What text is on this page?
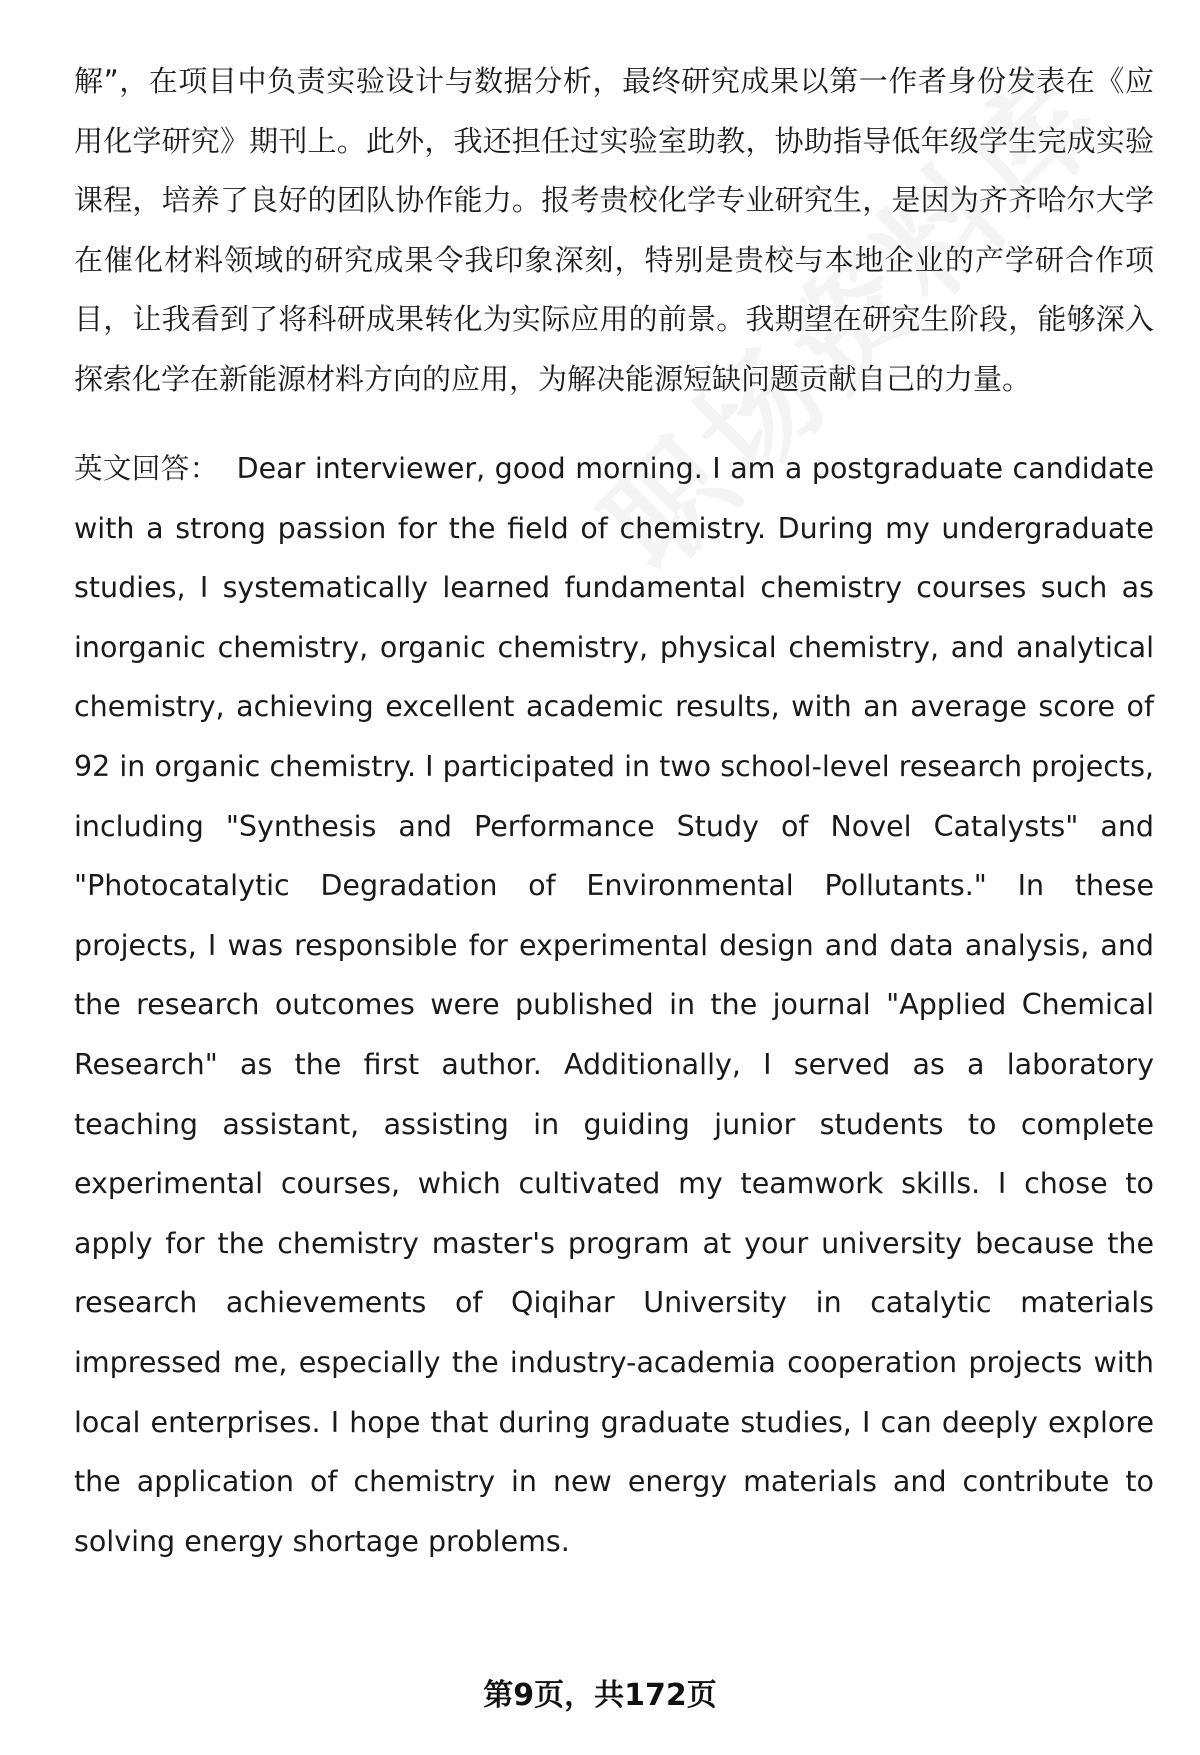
解”，在项目中负责实验设计与数据分析，最终研究成果以第一作者身份发表在《应用化学研究》期刊上。此外，我还担任过实验室助教，协助指导低年级学生完成实验课程，培养了良好的团队协作能力。报考贵校化学专业研究生，是因为齐齐哈尔大学在催化材料领域的研究成果令我印象深刻，特别是贵校与本地企业的产学研合作项目，让我看到了将科研成果转化为实际应用的前景。我期望在研究生阶段，能够深入探索化学在新能源材料方向的应用，为解决能源短缺问题贡献自己的力量。

英文回答： Dear interviewer, good morning. I am a postgraduate candidate with a strong passion for the field of chemistry. During my undergraduate studies, I systematically learned fundamental chemistry courses such as inorganic chemistry, organic chemistry, physical chemistry, and analytical chemistry, achieving excellent academic results, with an average score of 92 in organic chemistry. I participated in two school-level research projects, including "Synthesis and Performance Study of Novel Catalysts" and "Photocatalytic Degradation of Environmental Pollutants." In these projects, I was responsible for experimental design and data analysis, and the research outcomes were published in the journal "Applied Chemical Research" as the first author. Additionally, I served as a laboratory teaching assistant, assisting in guiding junior students to complete experimental courses, which cultivated my teamwork skills. I chose to apply for the chemistry master's program at your university because the research achievements of Qiqihar University in catalytic materials impressed me, especially the industry-academia cooperation projects with local enterprises. I hope that during graduate studies, I can deeply explore the application of chemistry in new energy materials and contribute to solving energy shortage problems.

第9页，共172页
